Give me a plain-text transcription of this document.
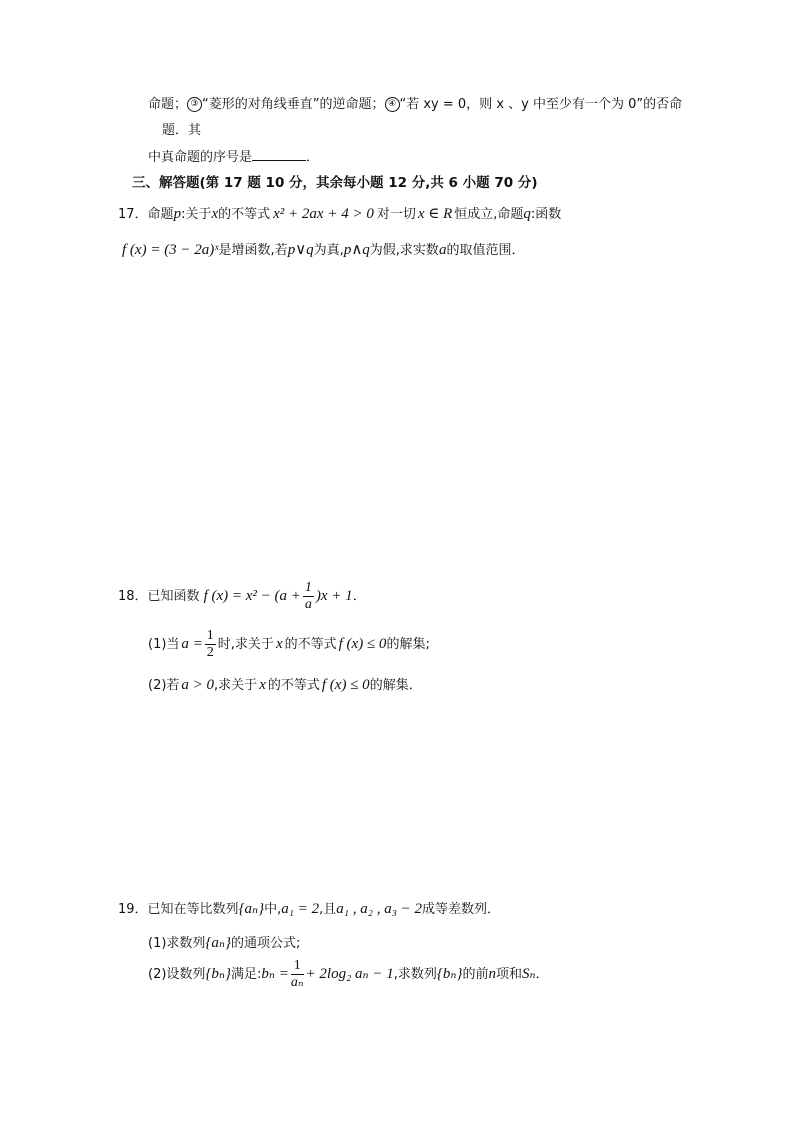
命题； ③ “菱形的对角线垂直”的逆命题； ④ “若 xy = 0，则 x 、y 中至少有一个为 0”的否命
题．其
中真命题的序号是	．
三、解答题(第 17 题 10 分，其余每小题 12 分,共 6 小题 70 分)
17．命题p:关于x的不等式 x² + 2ax + 4 > 0 对一切 x ∈ R 恒成立,命题q:函数
f (x) = (3 − 2a)ˣ是增函数,若p∨q为真,p∧q为假,求实数a的取值范围．
18．已知函数 f $(x) = x^2 - (a + \frac{1}{a} )x + 1$．
(1)当 $a = \frac{1}{2}$ 时,求关于 x 的不等式 f (x) ≤ 0的解集;
(2)若 a > 0,求关于 x 的不等式 f (x) ≤ 0的解集．
19．已知在等比数列{aₙ}中,a₁ = 2,且a₁ , a₂ , a₃ − 2成等差数列．
(1)求数列{aₙ}的通项公式;
(2)设数列{bₙ}满足:bₙ = $\frac{1}{\text{aₙ}} + 2\log_2$ aₙ − 1,求数列{bₙ}的前n项和Sₙ．
